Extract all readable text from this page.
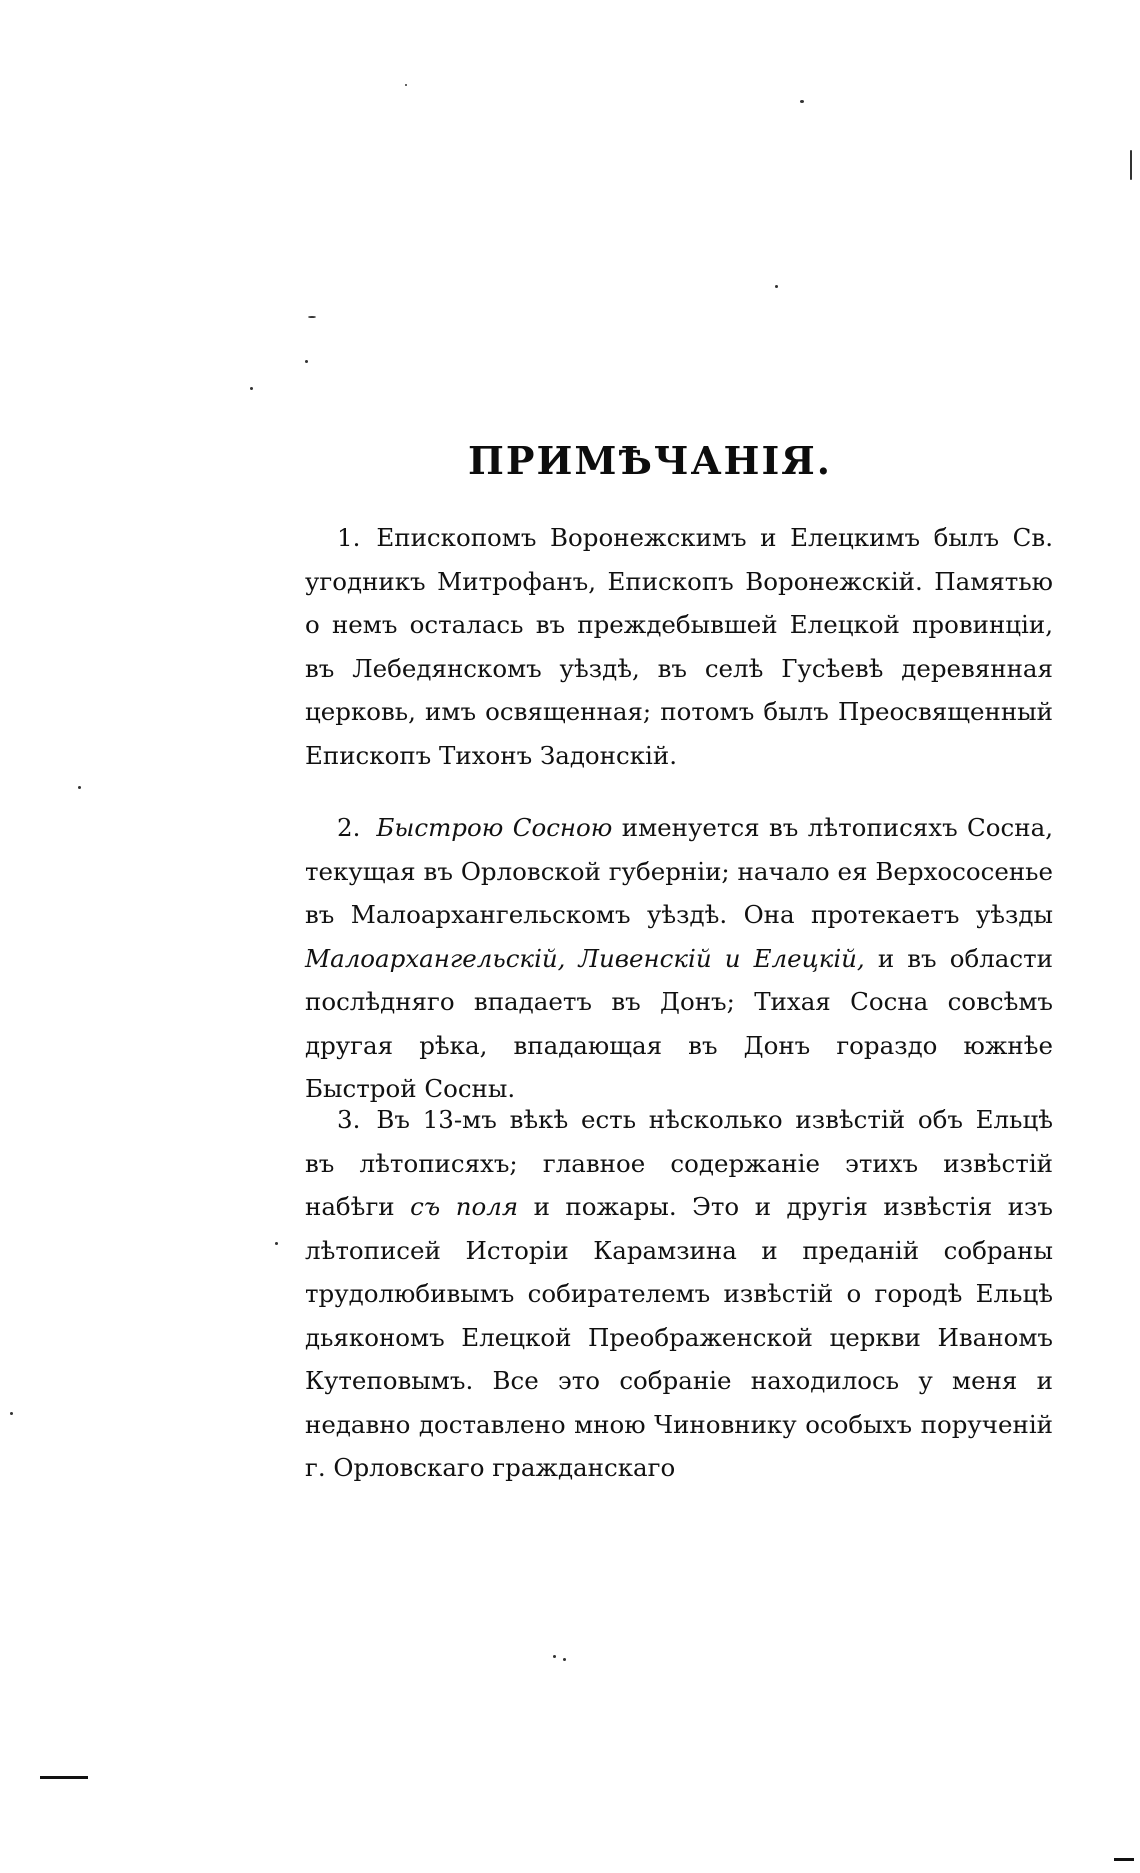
ПРИМѢЧАНІЯ.
1. Епископомъ Воронежскимъ и Елецкимъ былъ Св. угодникъ Митрофанъ, Епископъ Воронежскій. Памятью о немъ осталась въ преждебывшей Елецкой провинціи, въ Лебедянскомъ уѣздѣ, въ селѣ Гусѣевѣ деревянная церковь, имъ освященная; потомъ былъ Преосвященный Епископъ Тихонъ Задонскій.
2. Быстрою Сосною именуется въ лѣтописяхъ Сосна, текущая въ Орловской губерніи; начало ея Верхососенье въ Малоархангельскомъ уѣздѣ. Она протекаетъ уѣзды Малоархангельскій, Ливенскій и Елецкій, и въ области послѣдняго впадаетъ въ Донъ; Тихая Сосна совсѣмъ другая рѣка, впадающая въ Донъ гораздо южнѣе Быстрой Сосны.
3. Въ 13-мъ вѣкѣ есть нѣсколько извѣстій объ Ельцѣ въ лѣтописяхъ; главное содержаніе этихъ извѣстій набѣги съ поля и пожары. Это и другія извѣстія изъ лѣтописей Исторіи Карамзина и преданій собраны трудолюбивымъ собирателемъ извѣстій о городѣ Ельцѣ дьякономъ Елецкой Преображенской церкви Иваномъ Кутеповымъ. Все это собраніе находилось у меня и недавно доставлено мною Чиновнику особыхъ порученій г. Орловскаго гражданскаго
